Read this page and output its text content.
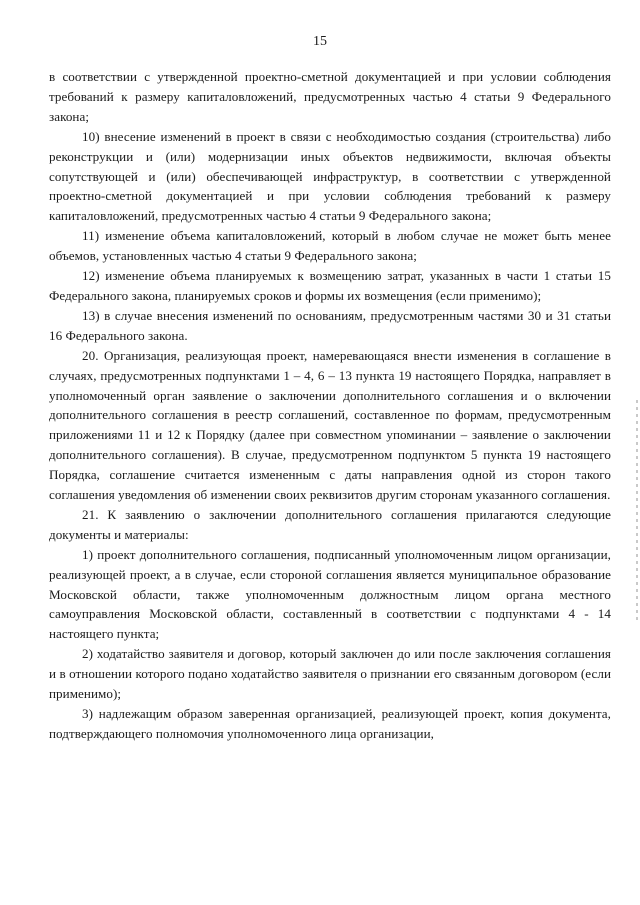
15

в соответствии с утвержденной проектно-сметной документацией и при условии соблюдения требований к размеру капиталовложений, предусмотренных частью 4 статьи 9 Федерального закона;

10) внесение изменений в проект в связи с необходимостью создания (строительства) либо реконструкции и (или) модернизации иных объектов недвижимости, включая объекты сопутствующей и (или) обеспечивающей инфраструктур, в соответствии с утвержденной проектно-сметной документацией и при условии соблюдения требований к размеру капиталовложений, предусмотренных частью 4 статьи 9 Федерального закона;

11) изменение объема капиталовложений, который в любом случае не может быть менее объемов, установленных частью 4 статьи 9 Федерального закона;

12) изменение объема планируемых к возмещению затрат, указанных в части 1 статьи 15 Федерального закона, планируемых сроков и формы их возмещения (если применимо);

13) в случае внесения изменений по основаниям, предусмотренным частями 30 и 31 статьи 16 Федерального закона.

20. Организация, реализующая проект, намеревающаяся внести изменения в соглашение в случаях, предусмотренных подпунктами 1 – 4, 6 – 13 пункта 19 настоящего Порядка, направляет в уполномоченный орган заявление о заключении дополнительного соглашения и о включении дополнительного соглашения в реестр соглашений, составленное по формам, предусмотренным приложениями 11 и 12 к Порядку (далее при совместном упоминании – заявление о заключении дополнительного соглашения). В случае, предусмотренном подпунктом 5 пункта 19 настоящего Порядка, соглашение считается измененным с даты направления одной из сторон такого соглашения уведомления об изменении своих реквизитов другим сторонам указанного соглашения.

21. К заявлению о заключении дополнительного соглашения прилагаются следующие документы и материалы:

1) проект дополнительного соглашения, подписанный уполномоченным лицом организации, реализующей проект, а в случае, если стороной соглашения является муниципальное образование Московской области, также уполномоченным должностным лицом органа местного самоуправления Московской области, составленный в соответствии с подпунктами 4 - 14 настоящего пункта;

2) ходатайство заявителя и договор, который заключен до или после заключения соглашения и в отношении которого подано ходатайство заявителя о признании его связанным договором (если применимо);

3) надлежащим образом заверенная организацией, реализующей проект, копия документа, подтверждающего полномочия уполномоченного лица организации,
